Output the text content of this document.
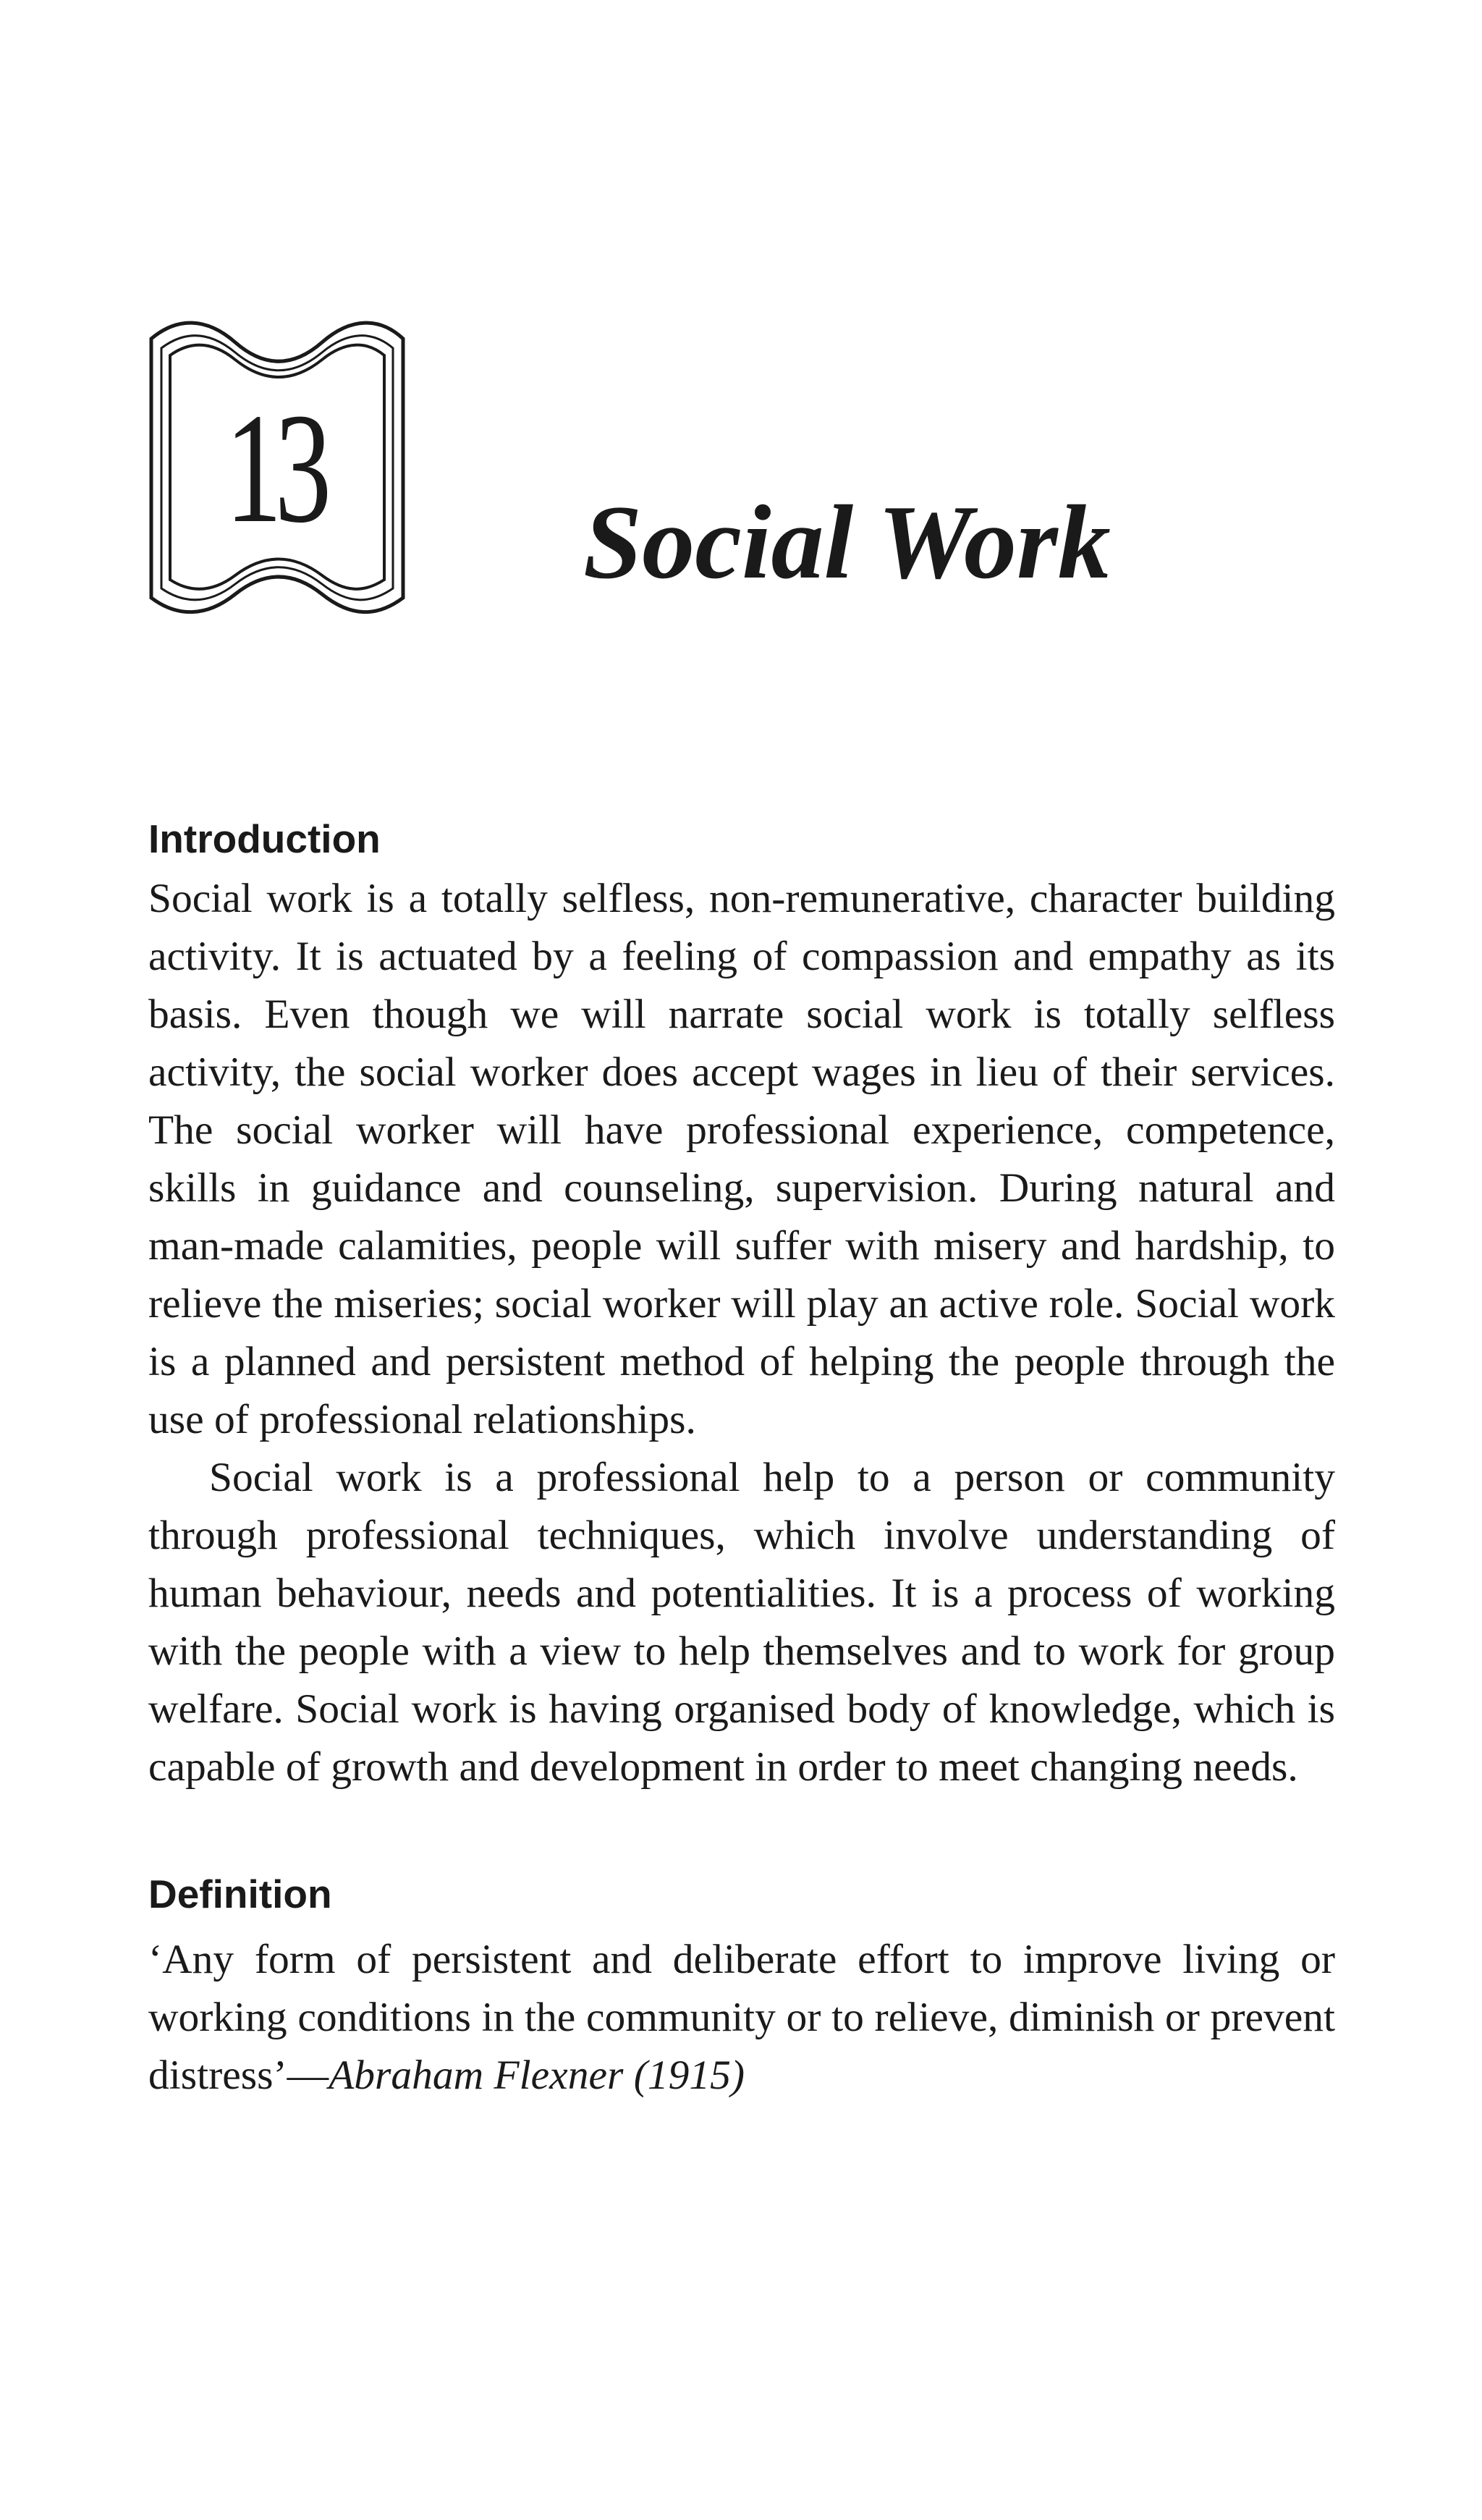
13	Social Work
Introduction

Social work is a totally selfless, non-remunerative, character building activity. It is actuated by a feeling of compassion and empathy as its basis. Even though we will narrate social work is totally selfless activity, the social worker does accept wages in lieu of their services. The social worker will have professional experience, competence, skills in guidance and counseling, supervision. During natural and man-made calamities, people will suffer with misery and hardship, to relieve the miseries; social worker will play an active role. Social work is a planned and persistent method of helping the people through the use of professional relationships.

Social work is a professional help to a person or community through professional techniques, which involve understanding of human behaviour, needs and potentialities. It is a process of working with the people with a view to help themselves and to work for group welfare. Social work is having organised body of knowledge, which is capable of growth and development in order to meet changing needs.

Definition

‘Any form of persistent and deliberate effort to improve living or working conditions in the community or to relieve, diminish or prevent distress’—Abraham Flexner (1915)
